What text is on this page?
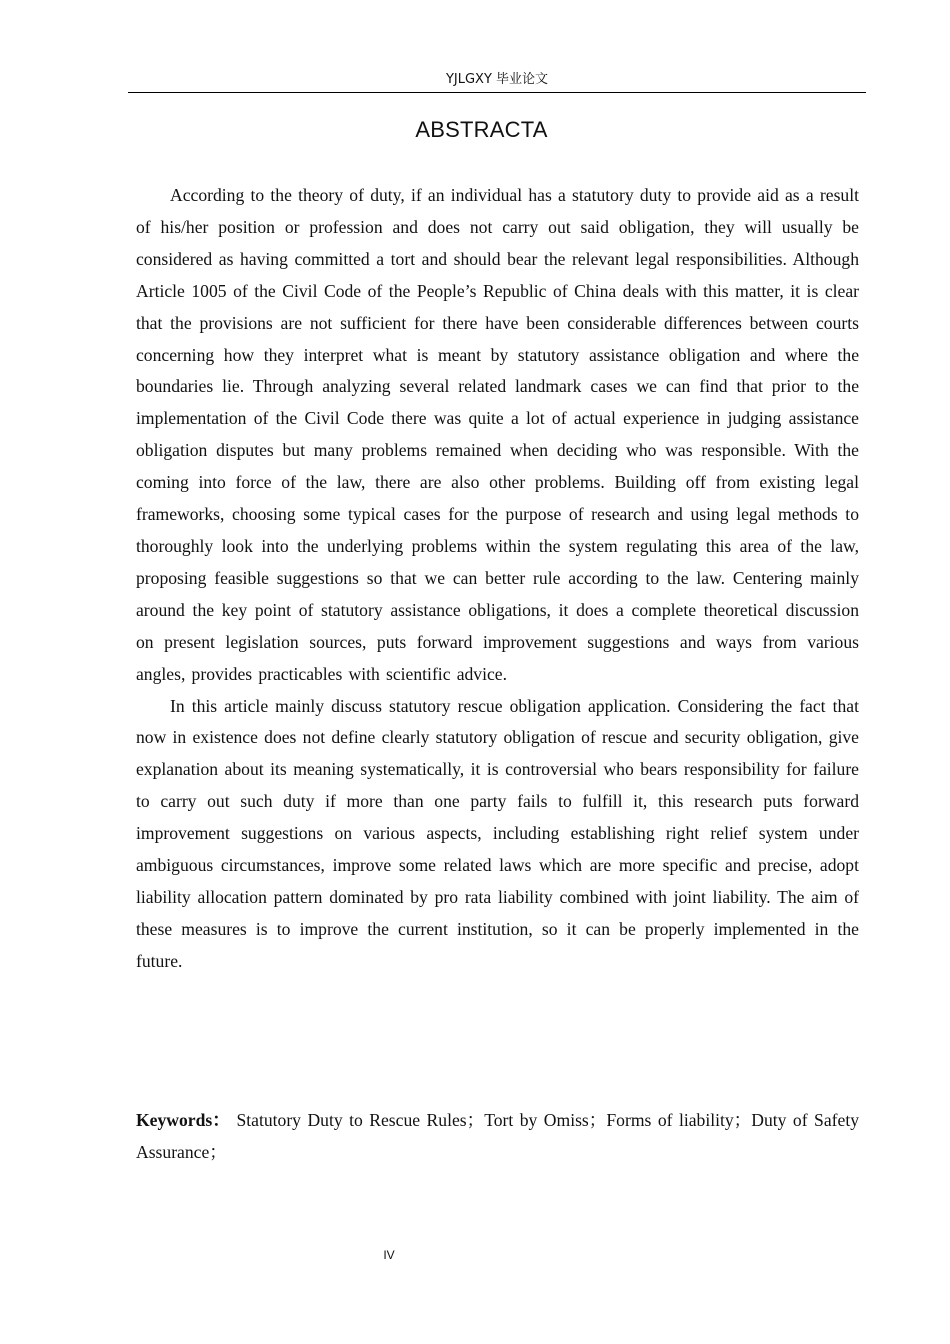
YJLGXY 毕业论文
ABSTRACTA

According to the theory of duty, if an individual has a statutory duty to provide aid as a result of his/her position or profession and does not carry out said obligation, they will usually be considered as having committed a tort and should bear the relevant legal responsibilities. Although Article 1005 of the Civil Code of the People’s Republic of China deals with this matter, it is clear that the provisions are not sufficient for there have been considerable differences between courts concerning how they interpret what is meant by statutory assistance obligation and where the boundaries lie. Through analyzing several related landmark cases we can find that prior to the implementation of the Civil Code there was quite a lot of actual experience in judging assistance obligation disputes but many problems remained when deciding who was responsible. With the coming into force of the law, there are also other problems. Building off from existing legal frameworks, choosing some typical cases for the purpose of research and using legal methods to thoroughly look into the underlying problems within the system regulating this area of the law, proposing feasible suggestions so that we can better rule according to the law. Centering mainly around the key point of statutory assistance obligations, it does a complete theoretical discussion on present legislation sources, puts forward improvement suggestions and ways from various angles, provides practicables with scientific advice.

In this article mainly discuss statutory rescue obligation application. Considering the fact that now in existence does not define clearly statutory obligation of rescue and security obligation, give explanation about its meaning systematically, it is controversial who bears responsibility for failure to carry out such duty if more than one party fails to fulfill it, this research puts forward improvement suggestions on various aspects, including establishing right relief system under ambiguous circumstances, improve some related laws which are more specific and precise, adopt liability allocation pattern dominated by pro rata liability combined with joint liability. The aim of these measures is to improve the current institution, so it can be properly implemented in the future.

Keywords： Statutory Duty to Rescue Rules；Tort by Omiss；Forms of liability；Duty of Safety Assurance；

IV
